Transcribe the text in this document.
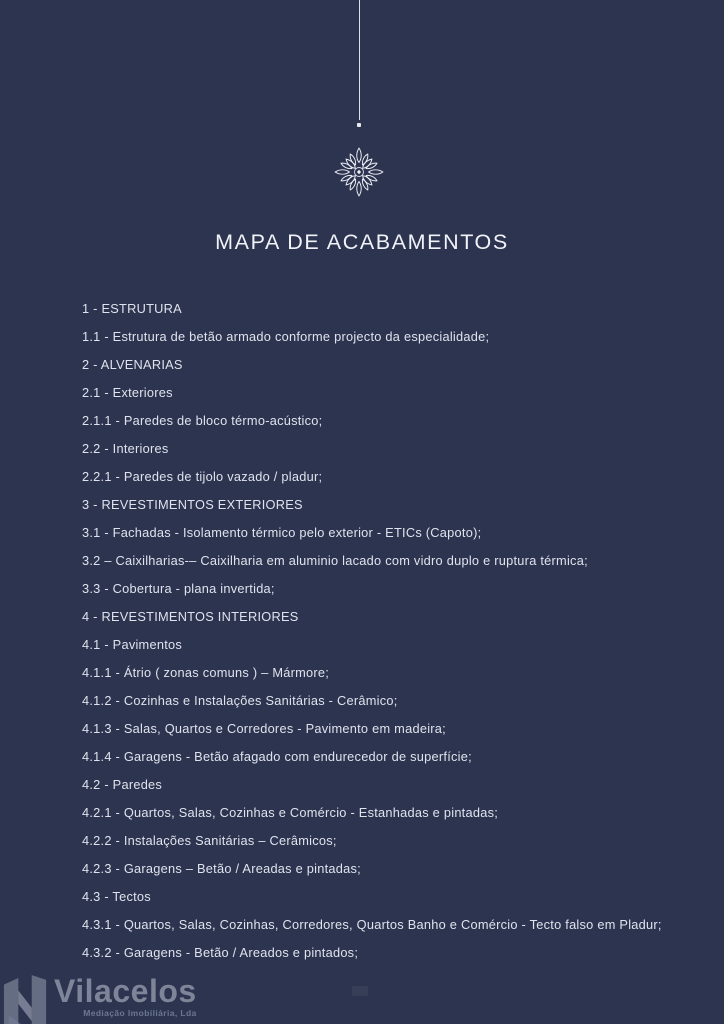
MAPA DE ACABAMENTOS
1 - ESTRUTURA
1.1 - Estrutura de betão armado conforme projecto da especialidade;
2 - ALVENARIAS
2.1 - Exteriores
2.1.1 - Paredes de bloco térmo-acústico;
2.2 - Interiores
2.2.1 - Paredes de tijolo vazado / pladur;
3 - REVESTIMENTOS EXTERIORES
3.1 - Fachadas - Isolamento térmico pelo exterior - ETICs (Capoto);
3.2 – Caixilharias-– Caixilharia em aluminio lacado com vidro duplo e ruptura térmica;
3.3 - Cobertura - plana invertida;
4 - REVESTIMENTOS INTERIORES
4.1 - Pavimentos
4.1.1 - Átrio ( zonas comuns ) – Mármore;
4.1.2 - Cozinhas e Instalações Sanitárias - Cerâmico;
4.1.3 - Salas, Quartos e Corredores - Pavimento em madeira;
4.1.4 - Garagens - Betão afagado com endurecedor de superfície;
4.2 - Paredes
4.2.1 - Quartos, Salas, Cozinhas e Comércio - Estanhadas e pintadas;
4.2.2 - Instalações Sanitárias – Cerâmicos;
4.2.3 - Garagens – Betão / Areadas e pintadas;
4.3 - Tectos
4.3.1 - Quartos, Salas, Cozinhas, Corredores, Quartos Banho e Comércio - Tecto falso em Pladur;
4.3.2 - Garagens - Betão / Areados e pintados;
Vilacelos
Mediação Imobiliária, Lda
